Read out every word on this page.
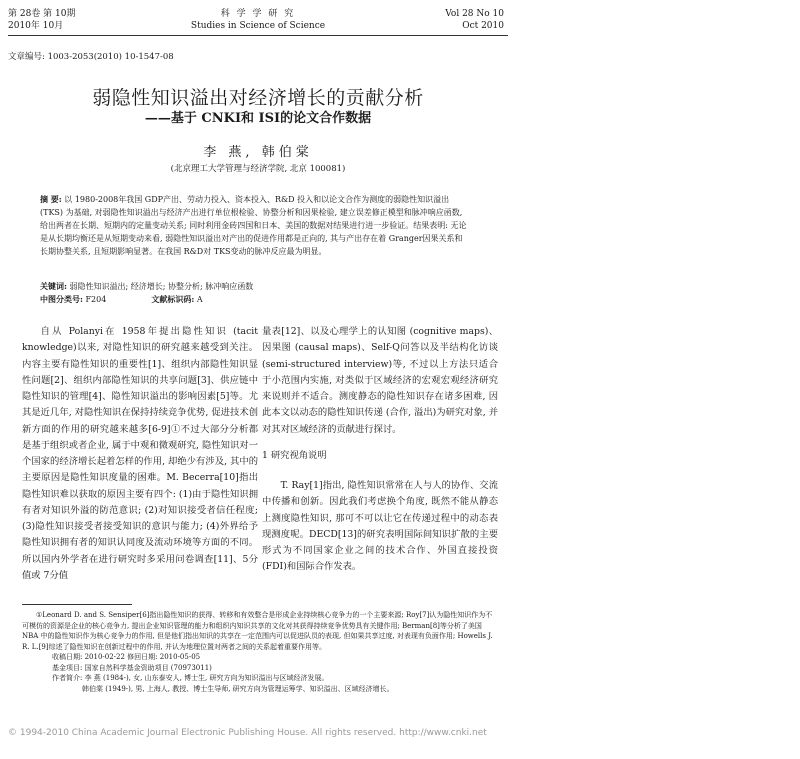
第 28卷 第 10期
2010年 10月
科 学 学 研 究
Studies in Science of Science
Vol 28 No 10
Oct 2010
文章编号: 1003-2053(2010) 10-1547-08
弱隐性知识溢出对经济增长的贡献分析
——基于 CNKI和 ISI的论文合作数据
李 燕, 韩伯棠
(北京理工大学管理与经济学院, 北京 100081)
摘 要: 以 1980-2008年我国 GDP产出、劳动力投入、资本投入、R&D 投入和以论文合作为测度的弱隐性知识溢出 (TKS) 为基础, 对弱隐性知识溢出与经济产出进行单位根检验、协整分析和因果检验, 建立误差修正模型和脉冲响应函数, 给出两者在长期、短期内的定量变动关系; 同时利用金砖四国和日本、美国的数据对结果进行进一步验证。结果表明: 无论是从长期均衡还是从短期变动来看, 弱隐性知识溢出对产出的促进作用都是正向的, 其与产出存在着 Granger因果关系和长期协整关系, 且短期影响显著。在我国 R&D对 TKS变动的脉冲反应最为明显。
关键词: 弱隐性知识溢出; 经济增长; 协整分析; 脉冲响应函数
中图分类号: F204	文献标识码: A

自从 Polanyi在 1958年提出隐性知识 (tacit knowledge)以来, 对隐性知识的研究越来越受到关注。内容主要有隐性知识的重要性[1]、组织内部隐性知识显性问题[2]、组织内部隐性知识的共享问题[3]、供应链中隐性知识的管理[4]、隐性知识溢出的影响因素[5]等。尤其是近几年, 对隐性知识在保持持续竞争优势, 促进技术创新方面的作用的研究越来越多[6-9]①不过大部分分析都是基于组织或者企业, 属于中观和微观研究, 隐性知识对一个国家的经济增长起着怎样的作用, 却绝少有涉及, 其中的主要原因是隐性知识度量的困难。M. Becerra[10]指出隐性知识难以获取的原因主要有四个: (1)由于隐性知识拥有者对知识外溢的防范意识; (2)对知识接受者信任程度; (3)隐性知识接受者接受知识的意识与能力; (4)外界给予隐性知识拥有者的知识认同度及流动环境等方面的不同。所以国内外学者在进行研究时多采用问卷调查[11]、5分值或 7分值

量表[12]、以及心理学上的认知图 (cognitive maps)、因果图 (causal maps)、Self-Q问答以及半结构化访谈 (semi-structured interview)等, 不过以上方法只适合于小范围内实施, 对类似于区域经济的宏观宏观经济研究来说则并不适合。测度静态的隐性知识存在诸多困难, 因此本文以动态的隐性知识传递 (合作, 溢出)为研究对象, 并对其对区域经济的贡献进行探讨。

1 研究视角说明

T. Ray[1]指出, 隐性知识常常在人与人的协作、交流中传播和创新。因此我们考虑换个角度, 既然不能从静态上测度隐性知识, 那可不可以让它在传递过程中的动态表现测度呢。DECD[13]的研究表明国际间知识扩散的主要形式为不同国家企业之间的技术合作、外国直接投资 (FDI)和国际合作发表。

①Leonard D. and S. Sensiper[6]指出隐性知识的获得、转移和有效整合是形成企业持续核心竞争力的一个主要来源; Roy[7]认为隐性知识作为不可模仿的资源是企业的核心竞争力, 提出企业知识管理的能力和组织内知识共享的文化对其获得持续竞争优势具有关键作用; Berman[8]等分析了美国 NBA 中的隐性知识作为核心竞争力的作用, 但是他们指出知识的共享在一定范围内可以促进队员的表现, 但如果共享过度, 对表现有负面作用; Howells J. R. L.[9]综述了隐性知识在创新过程中的作用, 并认为地理位置对两者之间的关系起着重要作用等。

收稿日期: 2010-02-22 修回日期: 2010-05-05

基金项目: 国家自然科学基金资助项目 (70973011)

作者简介: 李 燕 (1984-), 女, 山东泰安人, 博士生, 研究方向为知识溢出与区域经济发展。

韩伯棠 (1949-), 男, 上海人, 教授、博士生导师, 研究方向为管理运筹学、知识溢出、区域经济增长。

© 1994-2010 China Academic Journal Electronic Publishing House. All rights reserved. http://www.cnki.net
